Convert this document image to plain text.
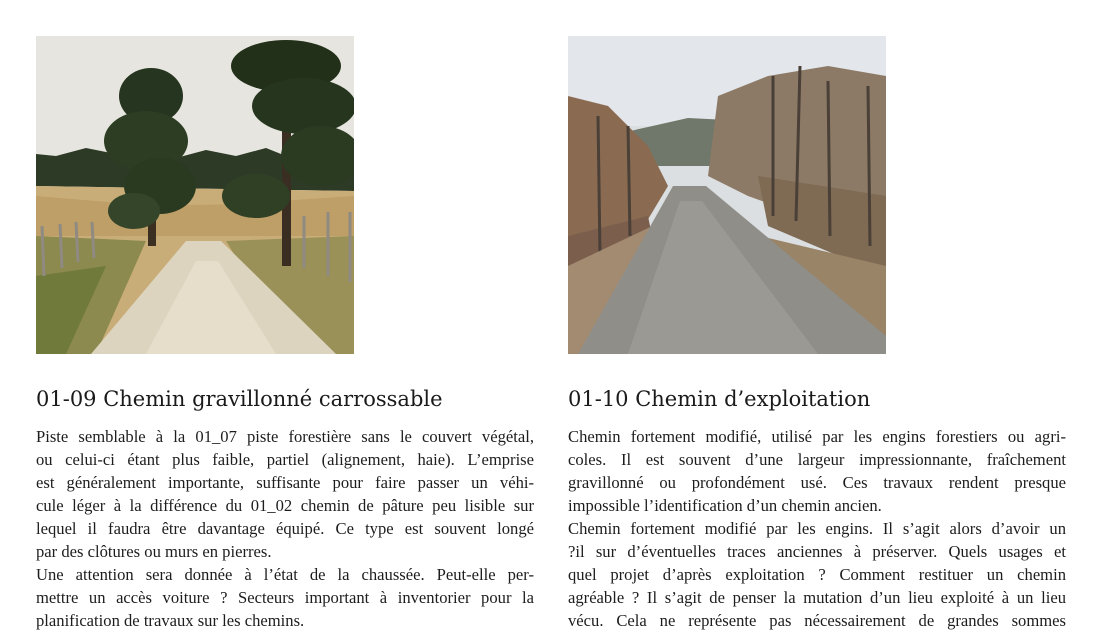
01-09 Chemin gravillonné carrossable	01-10 Chemin d’exploitation
Piste semblable à la 01_07 piste forestière sans le couvert végétal,
ou celui-ci étant plus faible, partiel (alignement, haie). L’emprise
est généralement importante, suffisante pour faire passer un véhi-
cule léger à la différence du 01_02 chemin de pâture peu lisible sur
lequel il faudra être davantage équipé. Ce type est souvent longé
par des clôtures ou murs en pierres.
Une attention sera donnée à l’état de la chaussée. Peut-elle per-
mettre un accès voiture ? Secteurs important à inventorier pour la
planification de travaux sur les chemins.
Chemin fortement modifié, utilisé par les engins forestiers ou agri-
coles. Il est souvent d’une largeur impressionnante, fraîchement
gravillonné ou profondément usé. Ces travaux rendent presque
impossible l’identification d’un chemin ancien.
Chemin fortement modifié par les engins. Il s’agit alors d’avoir un
?il sur d’éventuelles traces anciennes à préserver. Quels usages et
quel projet d’après exploitation ? Comment restituer un chemin
agréable ? Il s’agit de penser la mutation d’un lieu exploité à un lieu
vécu. Cela ne représente pas nécessairement de grandes sommes
